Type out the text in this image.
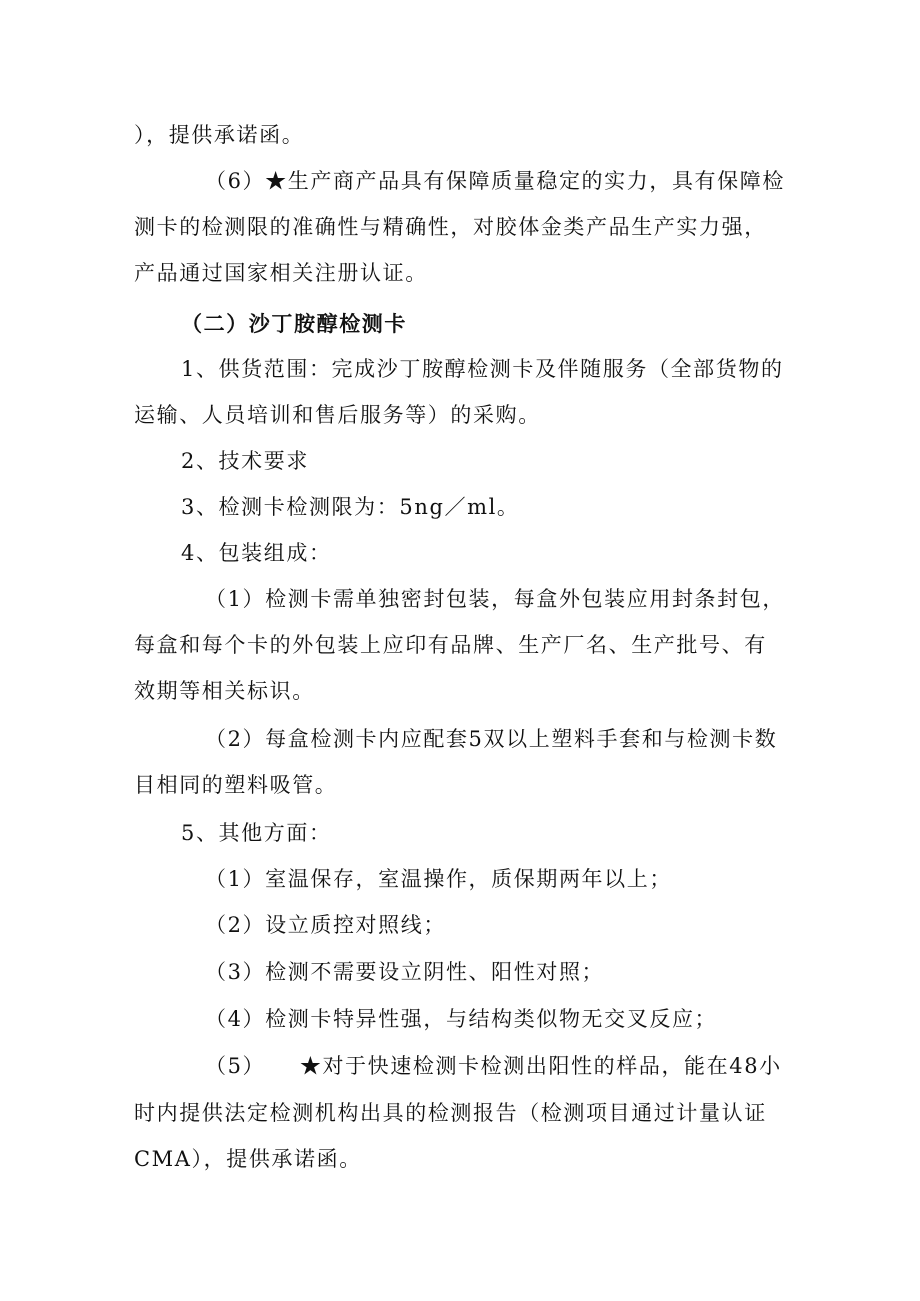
），提供承诺函。
（6）★生产商产品具有保障质量稳定的实力，具有保障检
测卡的检测限的准确性与精确性，对胶体金类产品生产实力强，
产品通过国家相关注册认证。
（二）沙丁胺醇检测卡
1、供货范围：完成沙丁胺醇检测卡及伴随服务（全部货物的
运输、人员培训和售后服务等）的采购。
2、技术要求
3、检测卡检测限为：5ng／ml。
4、包装组成：
（1）检测卡需单独密封包装，每盒外包装应用封条封包，
每盒和每个卡的外包装上应印有品牌、生产厂名、生产批号、有
效期等相关标识。
（2）每盒检测卡内应配套5双以上塑料手套和与检测卡数
目相同的塑料吸管。
5、其他方面：
（1）室温保存，室温操作，质保期两年以上；
（2）设立质控对照线；
（3）检测不需要设立阴性、阳性对照；
（4）检测卡特异性强，与结构类似物无交叉反应；
（5）　　★对于快速检测卡检测出阳性的样品，能在48小
时内提供法定检测机构出具的检测报告（检测项目通过计量认证
CMA），提供承诺函。
